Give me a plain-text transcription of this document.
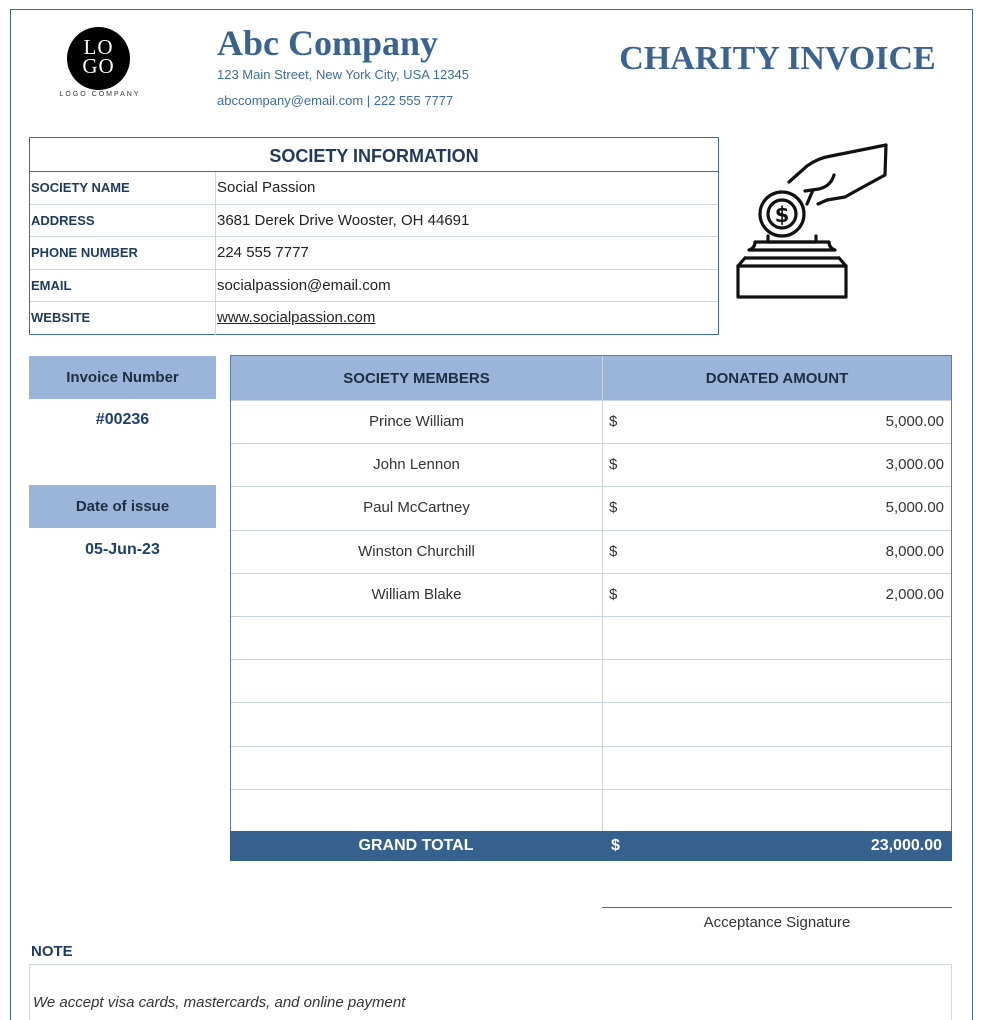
LO
GO
LOGO COMPANY
Abc Company
123 Main Street, New York City, USA 12345
abccompany@email.com | 222 555 7777
CHARITY INVOICE
SOCIETY INFORMATION
SOCIETY NAME	Social Passion
ADDRESS	3681 Derek Drive Wooster, OH 44691
PHONE NUMBER	224 555 7777
EMAIL	socialpassion@email.com
WEBSITE	www.socialpassion.com
$
Invoice Number
#00236
Date of issue
05-Jun-23
SOCIETY MEMBERS	DONATED AMOUNT
Prince William	$	5,000.00
John Lennon	$	3,000.00
Paul McCartney	$	5,000.00
Winston Churchill	$	8,000.00
William Blake	$	2,000.00
GRAND TOTAL	$	23,000.00
Acceptance Signature
NOTE
We accept visa cards, mastercards, and online payment
